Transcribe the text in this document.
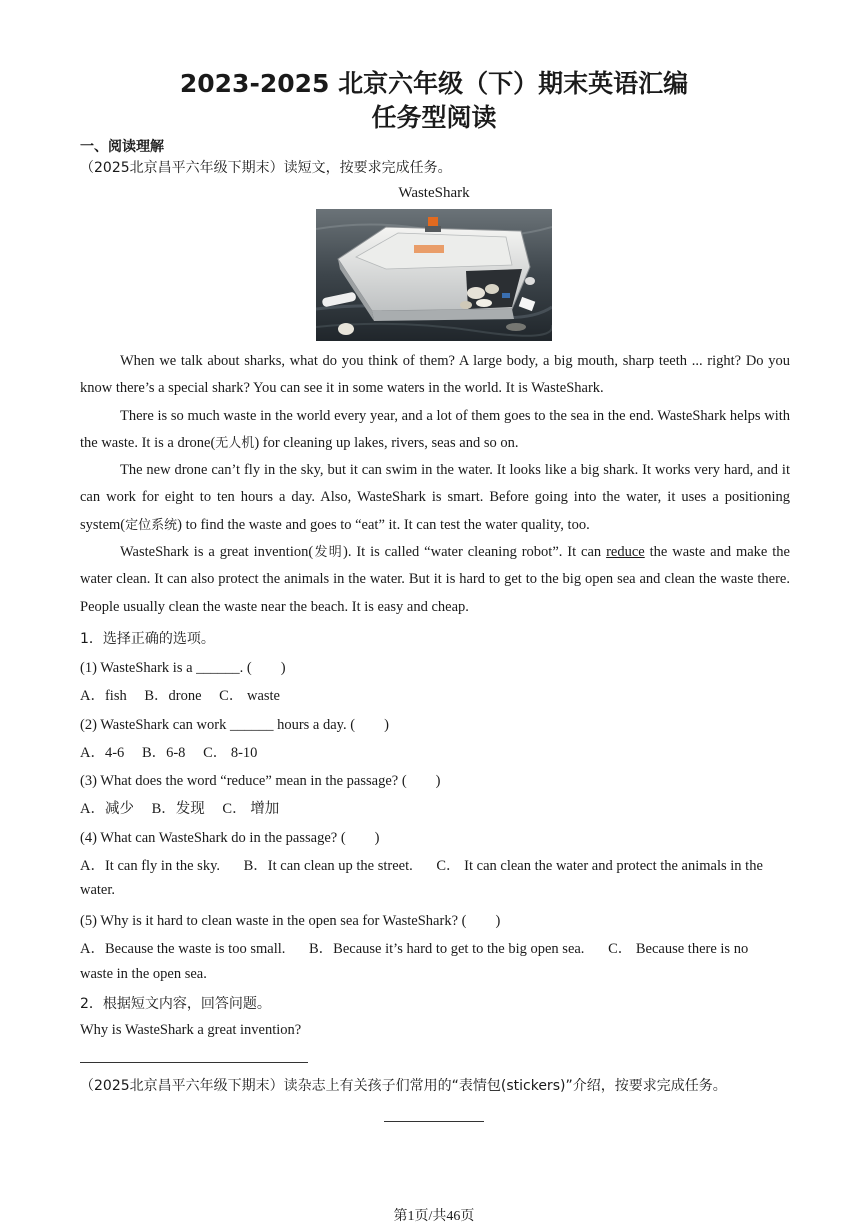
2023-2025 北京六年级（下）期末英语汇编
任务型阅读
一、阅读理解
（2025北京昌平六年级下期末）读短文，按要求完成任务。
WasteShark

When we talk about sharks, what do you think of them? A large body, a big mouth, sharp teeth ... right? Do you know there’s a special shark? You can see it in some waters in the world. It is WasteShark.

There is so much waste in the world every year, and a lot of them goes to the sea in the end. WasteShark helps with the waste. It is a drone(无人机) for cleaning up lakes, rivers, seas and so on.

The new drone can’t fly in the sky, but it can swim in the water. It looks like a big shark. It works very hard, and it can work for eight to ten hours a day. Also, WasteShark is smart. Before going into the water, it uses a positioning system(定位系统) to find the waste and goes to “eat” it. It can test the water quality, too.

WasteShark is a great invention(发明). It is called “water cleaning robot”. It can reduce the waste and make the water clean. It can also protect the animals in the water. But it is hard to get to the big open sea and clean the waste there. People usually clean the waste near the beach. It is easy and cheap.

1．选择正确的选项。
(1) WasteShark is a ______. (　　)
A．fish B．drone C． waste
(2) WasteShark can work ______ hours a day. (　　)
A．4-6 B．6-8 C． 8-10
(3) What does the word “reduce” mean in the passage? (　　)
A．减少 B．发现 C． 增加
(4) What can WasteShark do in the passage? (　　)
A．It can fly in the sky. B．It can clean up the street. C． It can clean the water and protect the animals in the
water.
(5) Why is it hard to clean waste in the open sea for WasteShark? (　　)
A．Because the waste is too small. B．Because it’s hard to get to the big open sea. C． Because there is no
waste in the open sea.
2．根据短文内容，回答问题。
Why is WasteShark a great invention?
（2025北京昌平六年级下期末）读杂志上有关孩子们常用的“表情包(stickers)”介绍，按要求完成任务。
第1页/共46页
